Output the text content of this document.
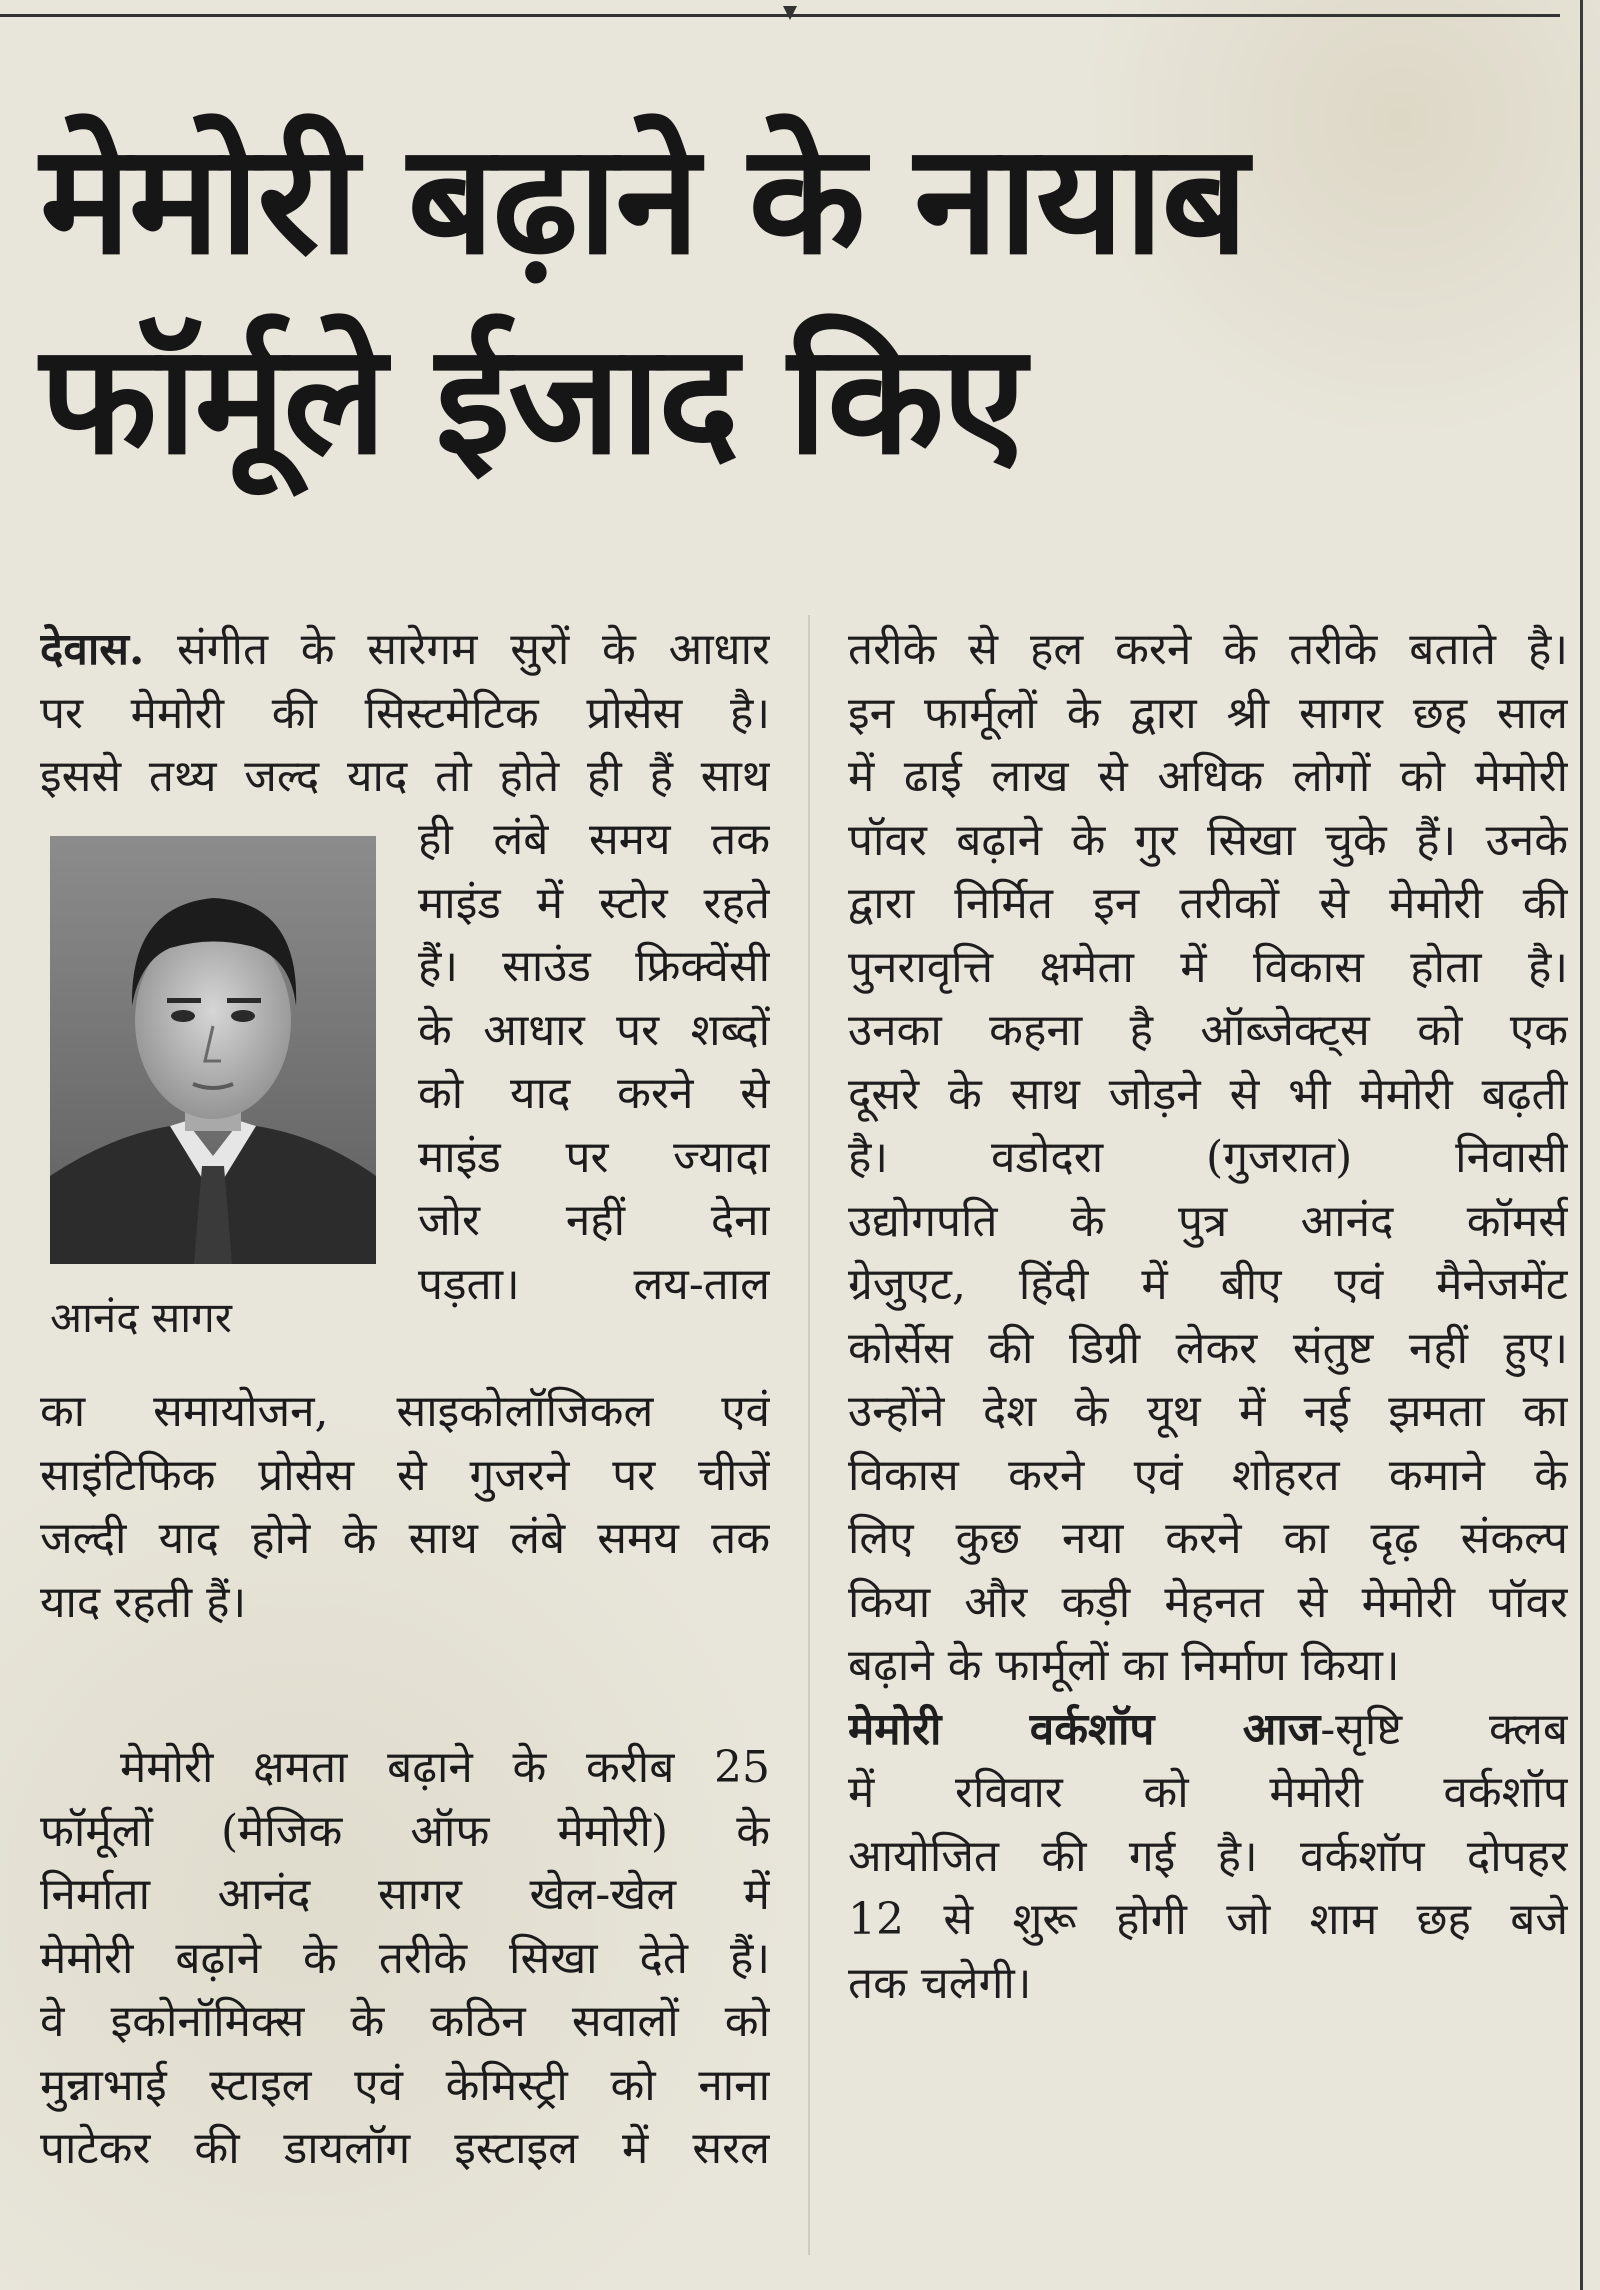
मेमोरी बढ़ाने के नायाब
फॉर्मूले ईजाद किए
देवास. संगीत के सारेगम सुरों के आधार
पर मेमोरी की सिस्टमेटिक प्रोसेस है।
इससे तथ्य जल्द याद तो होते ही हैं साथ
आनंद सागर
ही लंबे समय तक
माइंड में स्टोर रहते
हैं। साउंड फ्रिक्वेंसी
के आधार पर शब्दों
को याद करने से
माइंड पर ज्यादा
जोर नहीं देना
पड़ता। लय-ताल
का समायोजन, साइकोलॉजिकल एवं
साइंटिफिक प्रोसेस से गुजरने पर चीजें
जल्दी याद होने के साथ लंबे समय तक
याद रहती हैं।
मेमोरी क्षमता बढ़ाने के करीब 25
फॉर्मूलों (मेजिक ऑफ मेमोरी) के
निर्माता आनंद सागर खेल-खेल में
मेमोरी बढ़ाने के तरीके सिखा देते हैं।
वे इकोनॉमिक्स के कठिन सवालों को
मुन्नाभाई स्टाइल एवं केमिस्ट्री को नाना
पाटेकर की डायलॉग इस्टाइल में सरल
तरीके से हल करने के तरीके बताते है।
इन फार्मूलों के द्वारा श्री सागर छह साल
में ढाई लाख से अधिक लोगों को मेमोरी
पॉवर बढ़ाने के गुर सिखा चुके हैं। उनके
द्वारा निर्मित इन तरीकों से मेमोरी की
पुनरावृत्ति क्षमेता में विकास होता है।
उनका कहना है ऑब्जेक्ट्स को एक
दूसरे के साथ जोड़ने से भी मेमोरी बढ़ती
है। वडोदरा (गुजरात) निवासी
उद्योगपति के पुत्र आनंद कॉमर्स
ग्रेजुएट, हिंदी में बीए एवं मैनेजमेंट
कोर्सेस की डिग्री लेकर संतुष्ट नहीं हुए।
उन्होंने देश के यूथ में नई झमता का
विकास करने एवं शोहरत कमाने के
लिए कुछ नया करने का दृढ़ संकल्प
किया और कड़ी मेहनत से मेमोरी पॉवर
बढ़ाने के फार्मूलों का निर्माण किया।
मेमोरी वर्कशॉप आज-सृष्टि क्लब
में रविवार को मेमोरी वर्कशॉप
आयोजित की गई है। वर्कशॉप दोपहर
12 से शुरू होगी जो शाम छह बजे
तक चलेगी।
